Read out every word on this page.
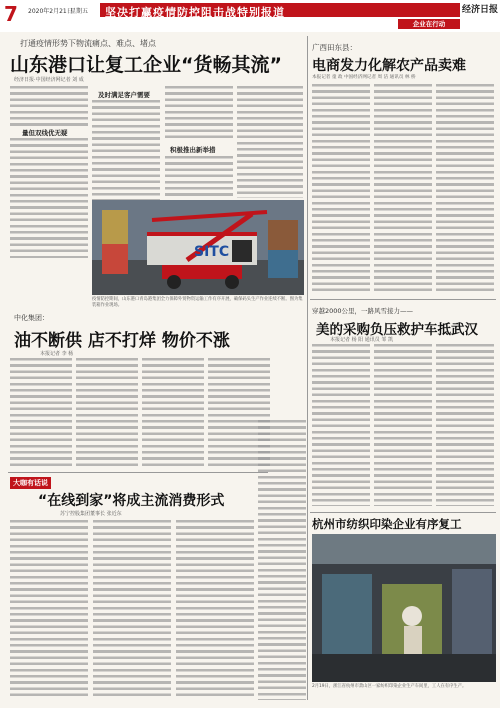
7 2020年2月21日
星期五 坚决打赢疫情防控阻击战特别报道
企业在行动
经济日报
打通疫情形势下物流痛点、难点、堵点
山东港口让复工企业“货畅其流”
经济日报·中国经济网记者 刘 成
量但双线优无疑
及时满足客户需要
积极推出新举措
SITC
疫情防控期间，山东港口青岛港集团全力保障外贸物资运输工作有序开展，确保码头生产作业连续不断。图为集装箱作业现场。
中化集团：
油不断供 店不打烊 物价不涨
本报记者 李 杨
大咖有话说
“在线到家”将成主流消费形式
苏宁控股集团董事长 张近东
广西田东县：
电商发力化解农产品卖难
本报记者 童 政 中国经济网记者 周 洁 通讯员 林 桥
穿越2000公里，一路风雪接力——
美的采购负压救护车抵武汉
本报记者 杨 阳 通讯员 邹 凯
杭州市纺织印染企业有序复工
2月19日，浙江省杭州市萧山区一家纺织印染企业生产车间里，工人在有序生产。
